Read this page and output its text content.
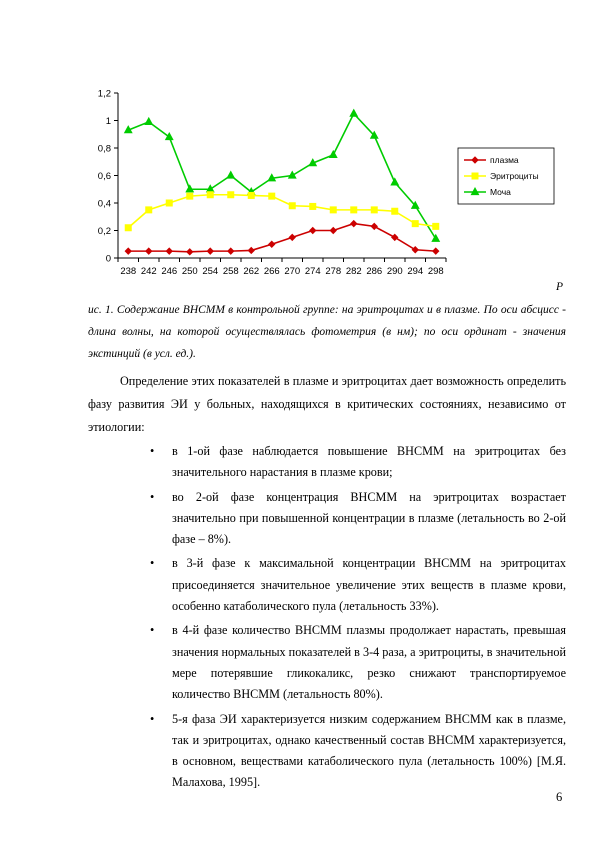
0
0,2
0,4
0,6
0,8
1
1,2
238 242 246 250 254 258 262 266 270 274 278 282 286 290 294 298
плазма
Эритроциты
Моча
Р

ис. 1. Содержание ВНСММ в контрольной группе: на эритроцитах и в плазме. По оси абсцисс - длина волны, на которой осуществлялась фотометрия (в нм); по оси ординат - значения экстинций (в усл. ед.).

Определение этих показателей в плазме и эритроцитах дает возможность определить фазу развития ЭИ у больных, находящихся в критических состояниях, независимо от этиологии:

• в 1-ой фазе наблюдается повышение ВНСММ на эритроцитах без значительного нарастания в плазме крови;
• во 2-ой фазе концентрация ВНСММ на эритроцитах возрастает значительно при повышенной концентрации в плазме (летальность во 2-ой фазе – 8%).
• в 3-й фазе к максимальной концентрации ВНСММ на эритроцитах присоединяется значительное увеличение этих веществ в плазме крови, особенно катаболического пула (летальность 33%).
• в 4-й фазе количество ВНСММ плазмы продолжает нарастать, превышая значения нормальных показателей в 3-4 раза, а эритроциты, в значительной мере потерявшие гликокаликс, резко снижают транспортируемое количество ВНСММ (летальность 80%).
• 5-я фаза ЭИ характеризуется низким содержанием ВНСММ как в плазме, так и эритроцитах, однако качественный состав ВНСММ характеризуется, в основном, веществами катаболического пула (летальность 100%) [М.Я. Малахова, 1995].
6
